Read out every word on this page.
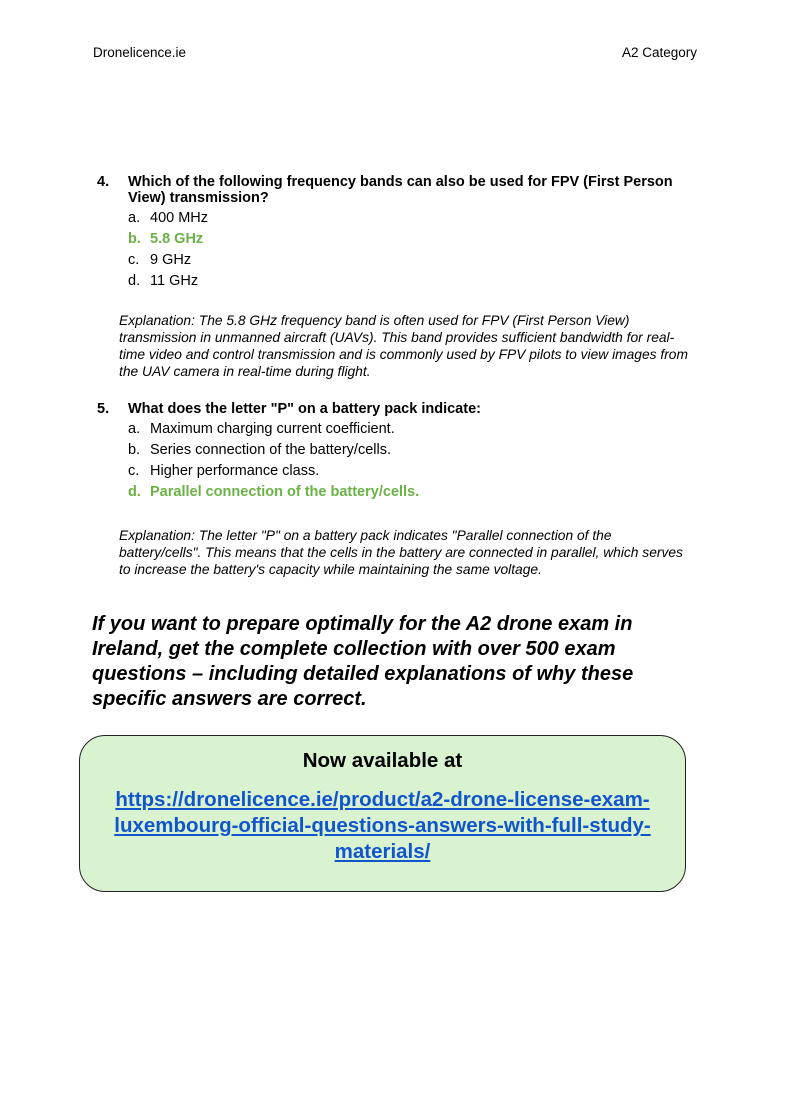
Dronelicence.ie	A2 Category
4. Which of the following frequency bands can also be used for FPV (First Person View) transmission?
a. 400 MHz
b. 5.8 GHz
c. 9 GHz
d. 11 GHz
Explanation: The 5.8 GHz frequency band is often used for FPV (First Person View) transmission in unmanned aircraft (UAVs). This band provides sufficient bandwidth for real-time video and control transmission and is commonly used by FPV pilots to view images from the UAV camera in real-time during flight.
5. What does the letter "P" on a battery pack indicate:
a. Maximum charging current coefficient.
b. Series connection of the battery/cells.
c. Higher performance class.
d. Parallel connection of the battery/cells.
Explanation: The letter "P" on a battery pack indicates "Parallel connection of the battery/cells". This means that the cells in the battery are connected in parallel, which serves to increase the battery's capacity while maintaining the same voltage.
If you want to prepare optimally for the A2 drone exam in Ireland, get the complete collection with over 500 exam questions – including detailed explanations of why these specific answers are correct.
Now available at
https://dronelicence.ie/product/a2-drone-license-exam-luxembourg-official-questions-answers-with-full-study-materials/
